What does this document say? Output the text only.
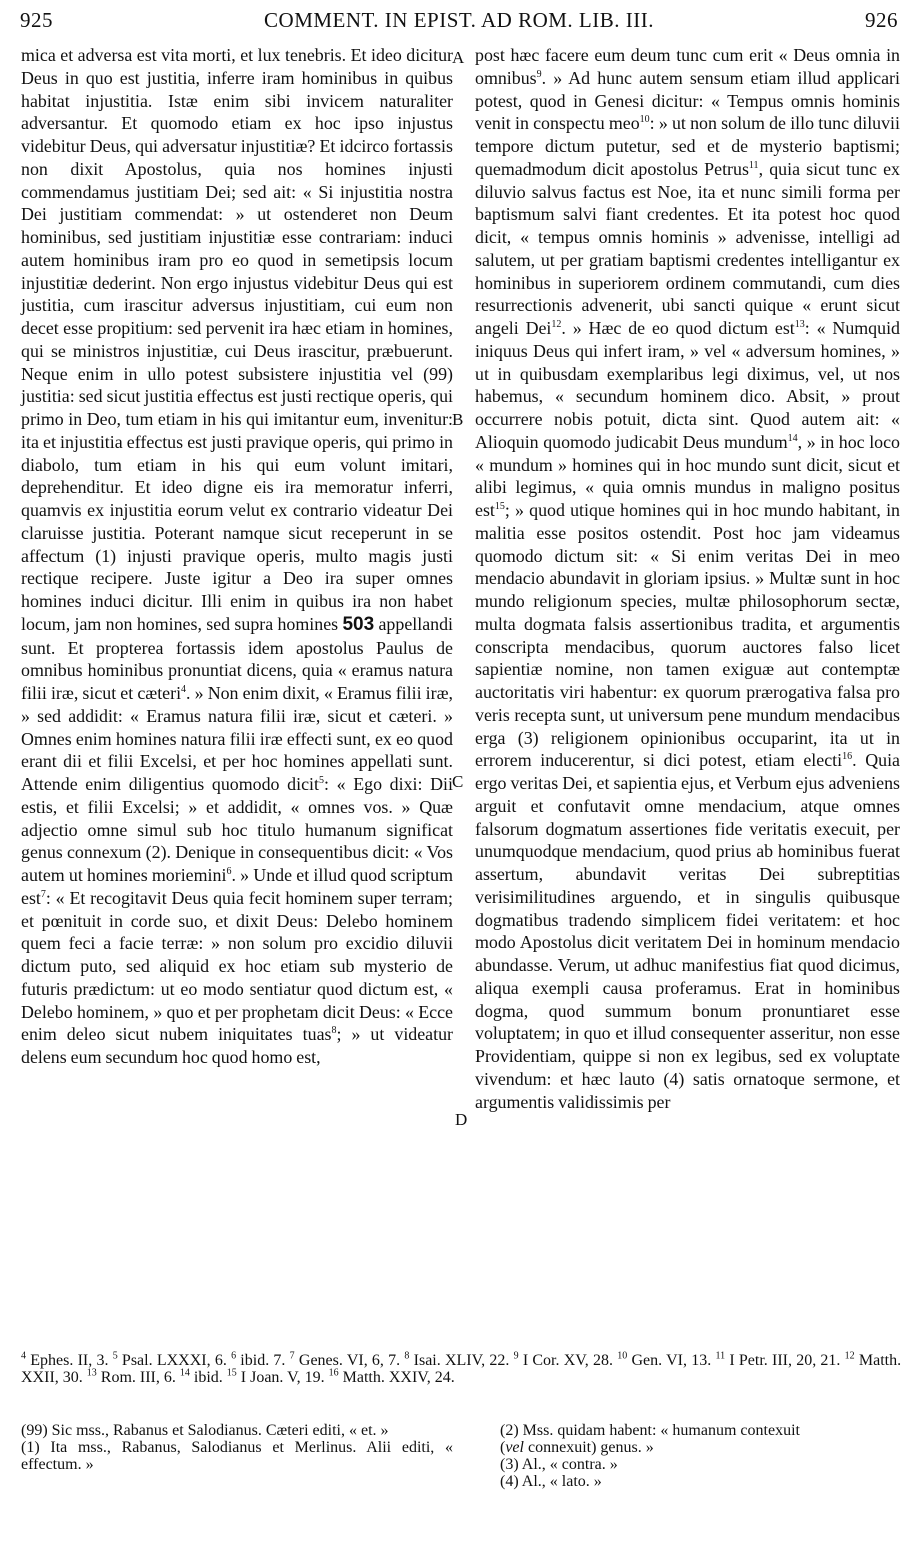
925	COMMENT. IN EPIST. AD ROM. LIB. III.	926
A
B
C
D

mica et adversa est vita morti, et lux tenebris. Et ideo dicitur Deus in quo est justitia, inferre iram hominibus in quibus habitat injustitia. Istæ enim sibi invicem naturaliter adversantur. Et quomodo etiam ex hoc ipso injustus videbitur Deus, qui adversatur injustitiæ? Et idcirco fortassis non dixit Apostolus, quia nos homines injusti commendamus justitiam Dei; sed ait: « Si injustitia nostra Dei justitiam commendat: » ut ostenderet non Deum hominibus, sed justitiam injustitiæ esse contrariam: induci autem hominibus iram pro eo quod in semetipsis locum injustitiæ dederint. Non ergo injustus videbitur Deus qui est justitia, cum irascitur adversus injustitiam, cui eum non decet esse propitium: sed pervenit ira hæc etiam in homines, qui se ministros injustitiæ, cui Deus irascitur, præbuerunt. Neque enim in ullo potest subsistere injustitia vel (99) justitia: sed sicut justitia effectus est justi rectique operis, qui primo in Deo, tum etiam in his qui imitantur eum, invenitur: ita et injustitia effectus est justi pravique operis, qui primo in diabolo, tum etiam in his qui eum volunt imitari, deprehenditur. Et ideo digne eis ira memoratur inferri, quamvis ex injustitia eorum velut ex contrario videatur Dei claruisse justitia. Poterant namque sicut receperunt in se affectum (1) injusti pravique operis, multo magis justi rectique recipere. Juste igitur a Deo ira super omnes homines induci dicitur. Illi enim in quibus ira non habet locum, jam non homines, sed supra homines 503 appellandi sunt. Et propterea fortassis idem apostolus Paulus de omnibus hominibus pronuntiat dicens, quia « eramus natura filii iræ, sicut et cæteri$^4$. » Non enim dixit, « Eramus filii iræ, » sed addidit: « Eramus natura filii iræ, sicut et cæteri. » Omnes enim homines natura filii iræ effecti sunt, ex eo quod erant dii et filii Excelsi, et per hoc homines appellati sunt. Attende enim diligentius quomodo dicit$^5$: « Ego dixi: Dii estis, et filii Excelsi; » et addidit, « omnes vos. » Quæ adjectio omne simul sub hoc titulo humanum significat genus connexum (2). Denique in consequentibus dicit: « Vos autem ut homines moriemini$^6$. » Unde et illud quod scriptum est$^7$: « Et recogitavit Deus quia fecit hominem super terram; et pœnituit in corde suo, et dixit Deus: Delebo hominem quem feci a facie terræ: » non solum pro excidio diluvii dictum puto, sed aliquid ex hoc etiam sub mysterio de futuris prædictum: ut eo modo sentiatur quod dictum est, « Delebo hominem, » quo et per prophetam dicit Deus: « Ecce enim deleo sicut nubem iniquitates tuas$^8$; » ut videatur delens eum secundum hoc quod homo est,

post hæc facere eum deum tunc cum erit « Deus omnia in omnibus$^9$. » Ad hunc autem sensum etiam illud applicari potest, quod in Genesi dicitur: « Tempus omnis hominis venit in conspectu meo$^{10}$: » ut non solum de illo tunc diluvii tempore dictum putetur, sed et de mysterio baptismi; quemadmodum dicit apostolus Petrus$^{11}$, quia sicut tunc ex diluvio salvus factus est Noe, ita et nunc simili forma per baptismum salvi fiant credentes. Et ita potest hoc quod dicit, « tempus omnis hominis » advenisse, intelligi ad salutem, ut per gratiam baptismi credentes intelligantur ex hominibus in superiorem ordinem commutandi, cum dies resurrectionis advenerit, ubi sancti quique « erunt sicut angeli Dei$^{12}$. » Hæc de eo quod dictum est$^{13}$: « Numquid iniquus Deus qui infert iram, » vel « adversum homines, » ut in quibusdam exemplaribus legi diximus, vel, ut nos habemus, « secundum hominem dico. Absit, » prout occurrere nobis potuit, dicta sint. Quod autem ait: « Alioquin quomodo judicabit Deus mundum$^{14}$, » in hoc loco « mundum » homines qui in hoc mundo sunt dicit, sicut et alibi legimus, « quia omnis mundus in maligno positus est$^{15}$; » quod utique homines qui in hoc mundo habitant, in malitia esse positos ostendit. Post hoc jam videamus quomodo dictum sit: « Si enim veritas Dei in meo mendacio abundavit in gloriam ipsius. » Multæ sunt in hoc mundo religionum species, multæ philosophorum sectæ, multa dogmata falsis assertionibus tradita, et argumentis conscripta mendacibus, quorum auctores falso licet sapientiæ nomine, non tamen exiguæ aut contemptæ auctoritatis viri habentur: ex quorum prærogativa falsa pro veris recepta sunt, ut universum pene mundum mendacibus erga (3) religionem opinionibus occuparint, ita ut in errorem inducerentur, si dici potest, etiam electi$^{16}$. Quia ergo veritas Dei, et sapientia ejus, et Verbum ejus adveniens arguit et confutavit omne mendacium, atque omnes falsorum dogmatum assertiones fide veritatis execuit, per unumquodque mendacium, quod prius ab hominibus fuerat assertum, abundavit veritas Dei subreptitias verisimilitudines arguendo, et in singulis quibusque dogmatibus tradendo simplicem fidei veritatem: et hoc modo Apostolus dicit veritatem Dei in hominum mendacio abundasse. Verum, ut adhuc manifestius fiat quod dicimus, aliqua exempli causa proferamus. Erat in hominibus dogma, quod summum bonum pronuntiaret esse voluptatem; in quo et illud consequenter asseritur, non esse Providentiam, quippe si non ex legibus, sed ex voluptate vivendum: et hæc lauto (4) satis ornatoque sermone, et argumentis validissimis per

$^4$ Ephes. II, 3. $^5$ Psal. LXXXI, 6. $^6$ ibid. 7. $^7$ Genes. VI, 6, 7. $^8$ Isai. XLIV, 22. $^9$ I Cor. XV, 28. $^{10}$ Gen. VI, 13. $^{11}$ I Petr. III, 20, 21. $^{12}$ Matth. XXII, 30. $^{13}$ Rom. III, 6. $^{14}$ ibid. $^{15}$ I Joan. V, 19. $^{16}$ Matth. XXIV, 24.

(99) Sic mss., Rabanus et Salodianus. Cæteri editi, « et. »

(1) Ita mss., Rabanus, Salodianus et Merlinus. Alii editi, « effectum. »

(2) Mss. quidam habent: « humanum contexuit
(vel connexuit) genus. »

(3) Al., « contra. »

(4) Al., « lato. »
